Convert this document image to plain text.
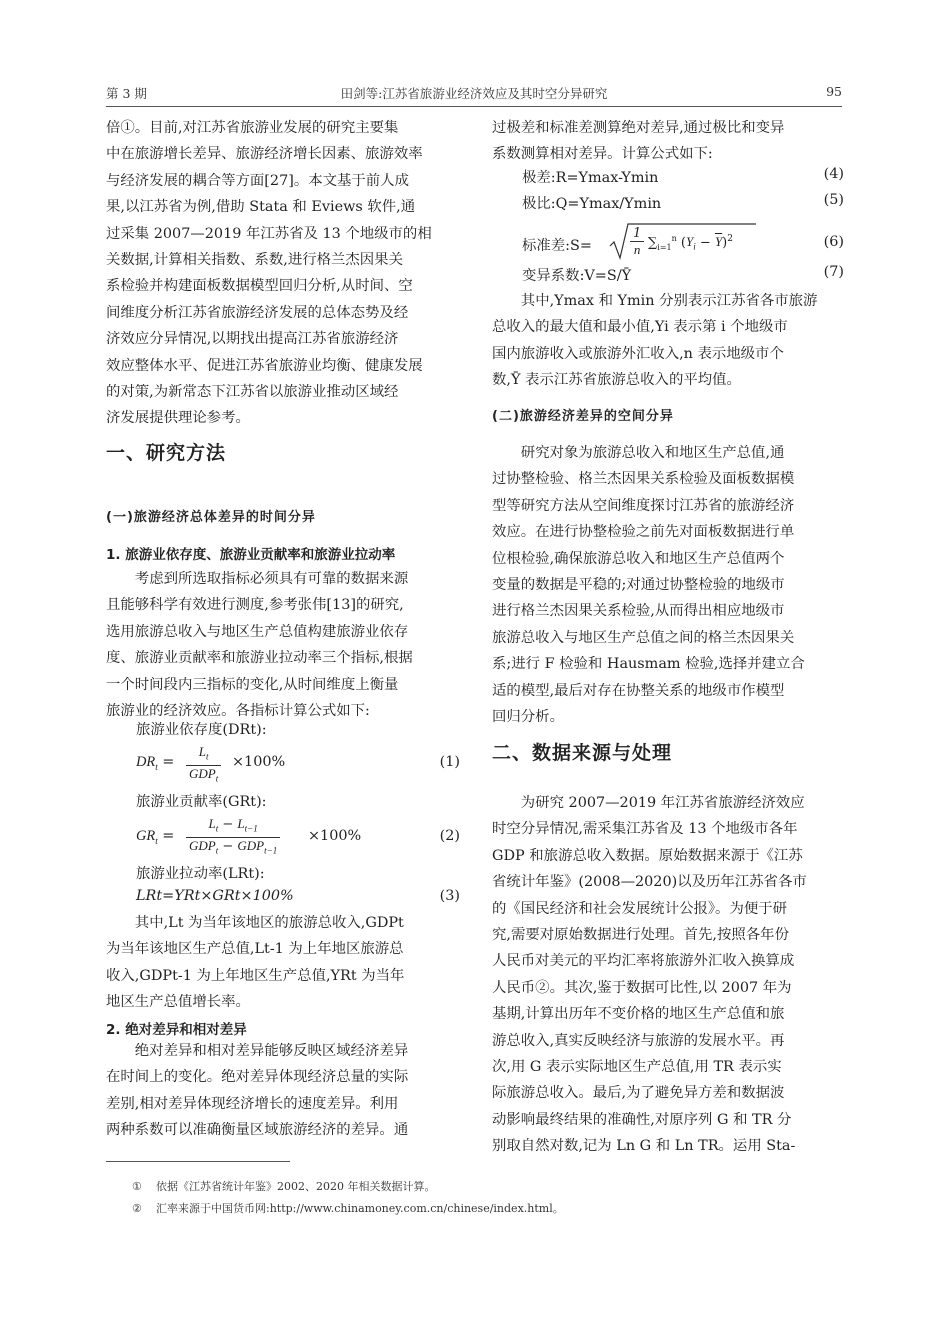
第 3 期	田剑等:江苏省旅游业经济效应及其时空分异研究	95
倍①。目前,对江苏省旅游业发展的研究主要集
中在旅游增长差异、旅游经济增长因素、旅游效率
与经济发展的耦合等方面[27]。本文基于前人成
果,以江苏省为例,借助 Stata 和 Eviews 软件,通
过采集 2007—2019 年江苏省及 13 个地级市的相
关数据,计算相关指数、系数,进行格兰杰因果关
系检验并构建面板数据模型回归分析,从时间、空
间维度分析江苏省旅游经济发展的总体态势及经
济效应分异情况,以期找出提高江苏省旅游经济
效应整体水平、促进江苏省旅游业均衡、健康发展
的对策,为新常态下江苏省以旅游业推动区域经
济发展提供理论参考。
一、研究方法
(一)旅游经济总体差异的时间分异
1. 旅游业依存度、旅游业贡献率和旅游业拉动率
考虑到所选取指标必须具有可靠的数据来源
且能够科学有效进行测度,参考张伟[13]的研究,
选用旅游总收入与地区生产总值构建旅游业依存
度、旅游业贡献率和旅游业拉动率三个指标,根据
一个时间段内三指标的变化,从时间维度上衡量
旅游业的经济效应。各指标计算公式如下:
旅游业依存度(DRt):
$DR_t$ =
$L_t$
$GDP_t$
×100%	(1)
旅游业贡献率(GRt):
$GR_t$ =
$L_t - L_{t-1}$
$GDP_t - GDP_{t-1}$
×100%	(2)
旅游业拉动率(LRt):
LRt=YRt×GRt×100%	(3)
其中,Lt 为当年该地区的旅游总收入,GDPt
为当年该地区生产总值,Lt-1 为上年地区旅游总
收入,GDPt-1 为上年地区生产总值,YRt 为当年
地区生产总值增长率。
2. 绝对差异和相对差异
绝对差异和相对差异能够反映区域经济差异
在时间上的变化。绝对差异体现经济总量的实际
差别,相对差异体现经济增长的速度差异。利用
两种系数可以准确衡量区域旅游经济的差异。通
过极差和标准差测算绝对差异,通过极比和变异
系数测算相对差异。计算公式如下:
极差:R=Ymax-Ymin	(4)
极比:Q=Ymax/Ymin	(5)
标准差:S=	$\frac{1}{n} \sum_{i=1}^n$ $(Y_i - \overline{Y})^2$	(6)
变异系数:V=S/Ȳ	(7)
其中,Ymax 和 Ymin 分别表示江苏省各市旅游
总收入的最大值和最小值,Yi 表示第 i 个地级市
国内旅游收入或旅游外汇收入,n 表示地级市个
数,Ȳ 表示江苏省旅游总收入的平均值。
(二)旅游经济差异的空间分异
研究对象为旅游总收入和地区生产总值,通
过协整检验、格兰杰因果关系检验及面板数据模
型等研究方法从空间维度探讨江苏省的旅游经济
效应。在进行协整检验之前先对面板数据进行单
位根检验,确保旅游总收入和地区生产总值两个
变量的数据是平稳的;对通过协整检验的地级市
进行格兰杰因果关系检验,从而得出相应地级市
旅游总收入与地区生产总值之间的格兰杰因果关
系;进行 F 检验和 Hausmam 检验,选择并建立合
适的模型,最后对存在协整关系的地级市作模型
回归分析。
二、数据来源与处理
为研究 2007—2019 年江苏省旅游经济效应
时空分异情况,需采集江苏省及 13 个地级市各年
GDP 和旅游总收入数据。原始数据来源于《江苏
省统计年鉴》(2008—2020)以及历年江苏省各市
的《国民经济和社会发展统计公报》。为便于研
究,需要对原始数据进行处理。首先,按照各年份
人民币对美元的平均汇率将旅游外汇收入换算成
人民币②。其次,鉴于数据可比性,以 2007 年为
基期,计算出历年不变价格的地区生产总值和旅
游总收入,真实反映经济与旅游的发展水平。再
次,用 G 表示实际地区生产总值,用 TR 表示实
际旅游总收入。最后,为了避免异方差和数据波
动影响最终结果的准确性,对原序列 G 和 TR 分
别取自然对数,记为 Ln G 和 Ln TR。运用 Sta-
① 依据《江苏省统计年鉴》2002、2020 年相关数据计算。
② 汇率来源于中国货币网:http://www.chinamoney.com.cn/chinese/index.html。
